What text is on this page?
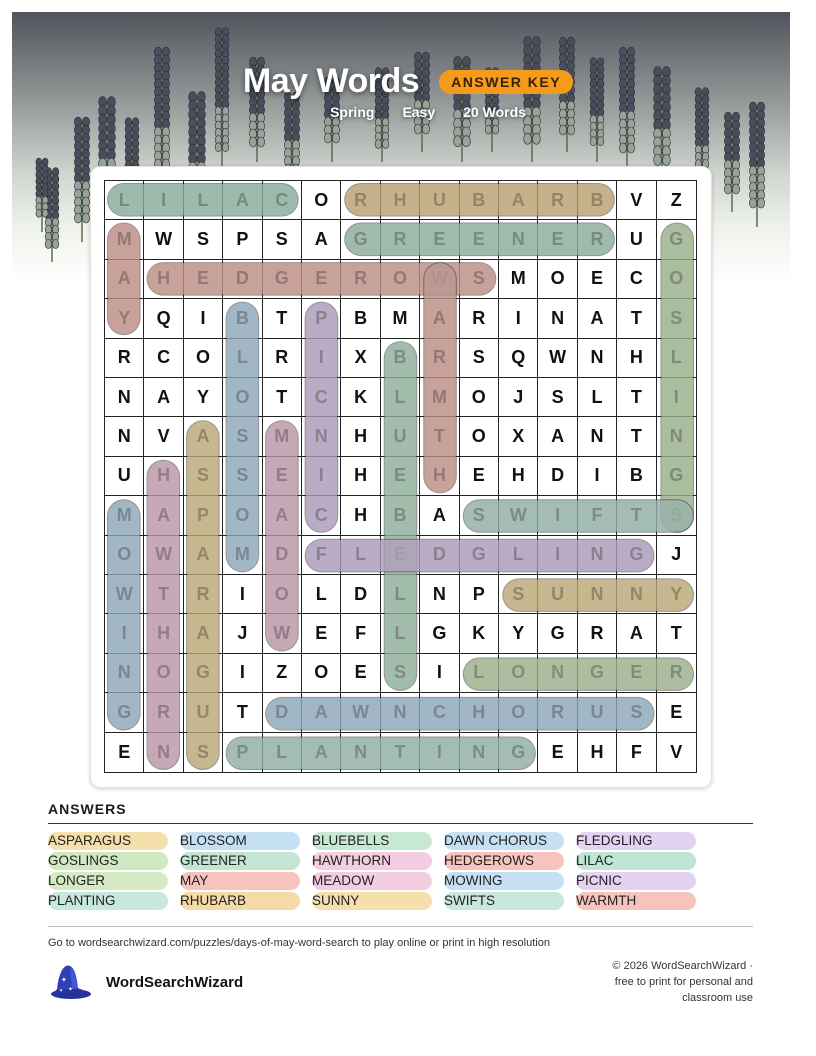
May Words	ANSWER KEY
Spring Easy 20 Words
L	I	L	A	C	O	R	H	U	B	A	R	B	V	Z
M	W	S	P	S	A	G	R	E	E	N	E	R	U	G
A	H	E	D	G	E	R	O	W	S	M	O	E	C	O
Y	Q	I	B	T	P	B	M	A	R	I	N	A	T	S
R	C	O	L	R	I	X	B	R	S	Q	W	N	H	L
N	A	Y	O	T	C	K	L	M	O	J	S	L	T	I
N	V	A	S	M	N	H	U	T	O	X	A	N	T	N
U	H	S	S	E	I	H	E	H	E	H	D	I	B	G
M	A	P	O	A	C	H	B	A	S	W	I	F	T	S
O	W	A	M	D	F	L	E	D	G	L	I	N	G	J
W	T	R	I	O	L	D	L	N	P	S	U	N	N	Y
I	H	A	J	W	E	F	L	G	K	Y	G	R	A	T
N	O	G	I	Z	O	E	S	I	L	O	N	G	E	R
G	R	U	T	D	A	W	N	C	H	O	R	U	S	E
E	N	S	P	L	A	N	T	I	N	G	E	H	F	V
ANSWERS
ASPARAGUS	BLOSSOM	BLUEBELLS	DAWN CHORUS	FLEDGLING
GOSLINGS	GREENER	HAWTHORN	HEDGEROWS	LILAC
LONGER	MAY	MEADOW	MOWING	PICNIC
PLANTING	RHUBARB	SUNNY	SWIFTS	WARMTH
Go to wordsearchwizard.com/puzzles/days-of-may-word-search to play online or print in high resolution
✦
✦
✦
WordSearchWizard
© 2026 WordSearchWizard ·
free to print for personal and
classroom use
